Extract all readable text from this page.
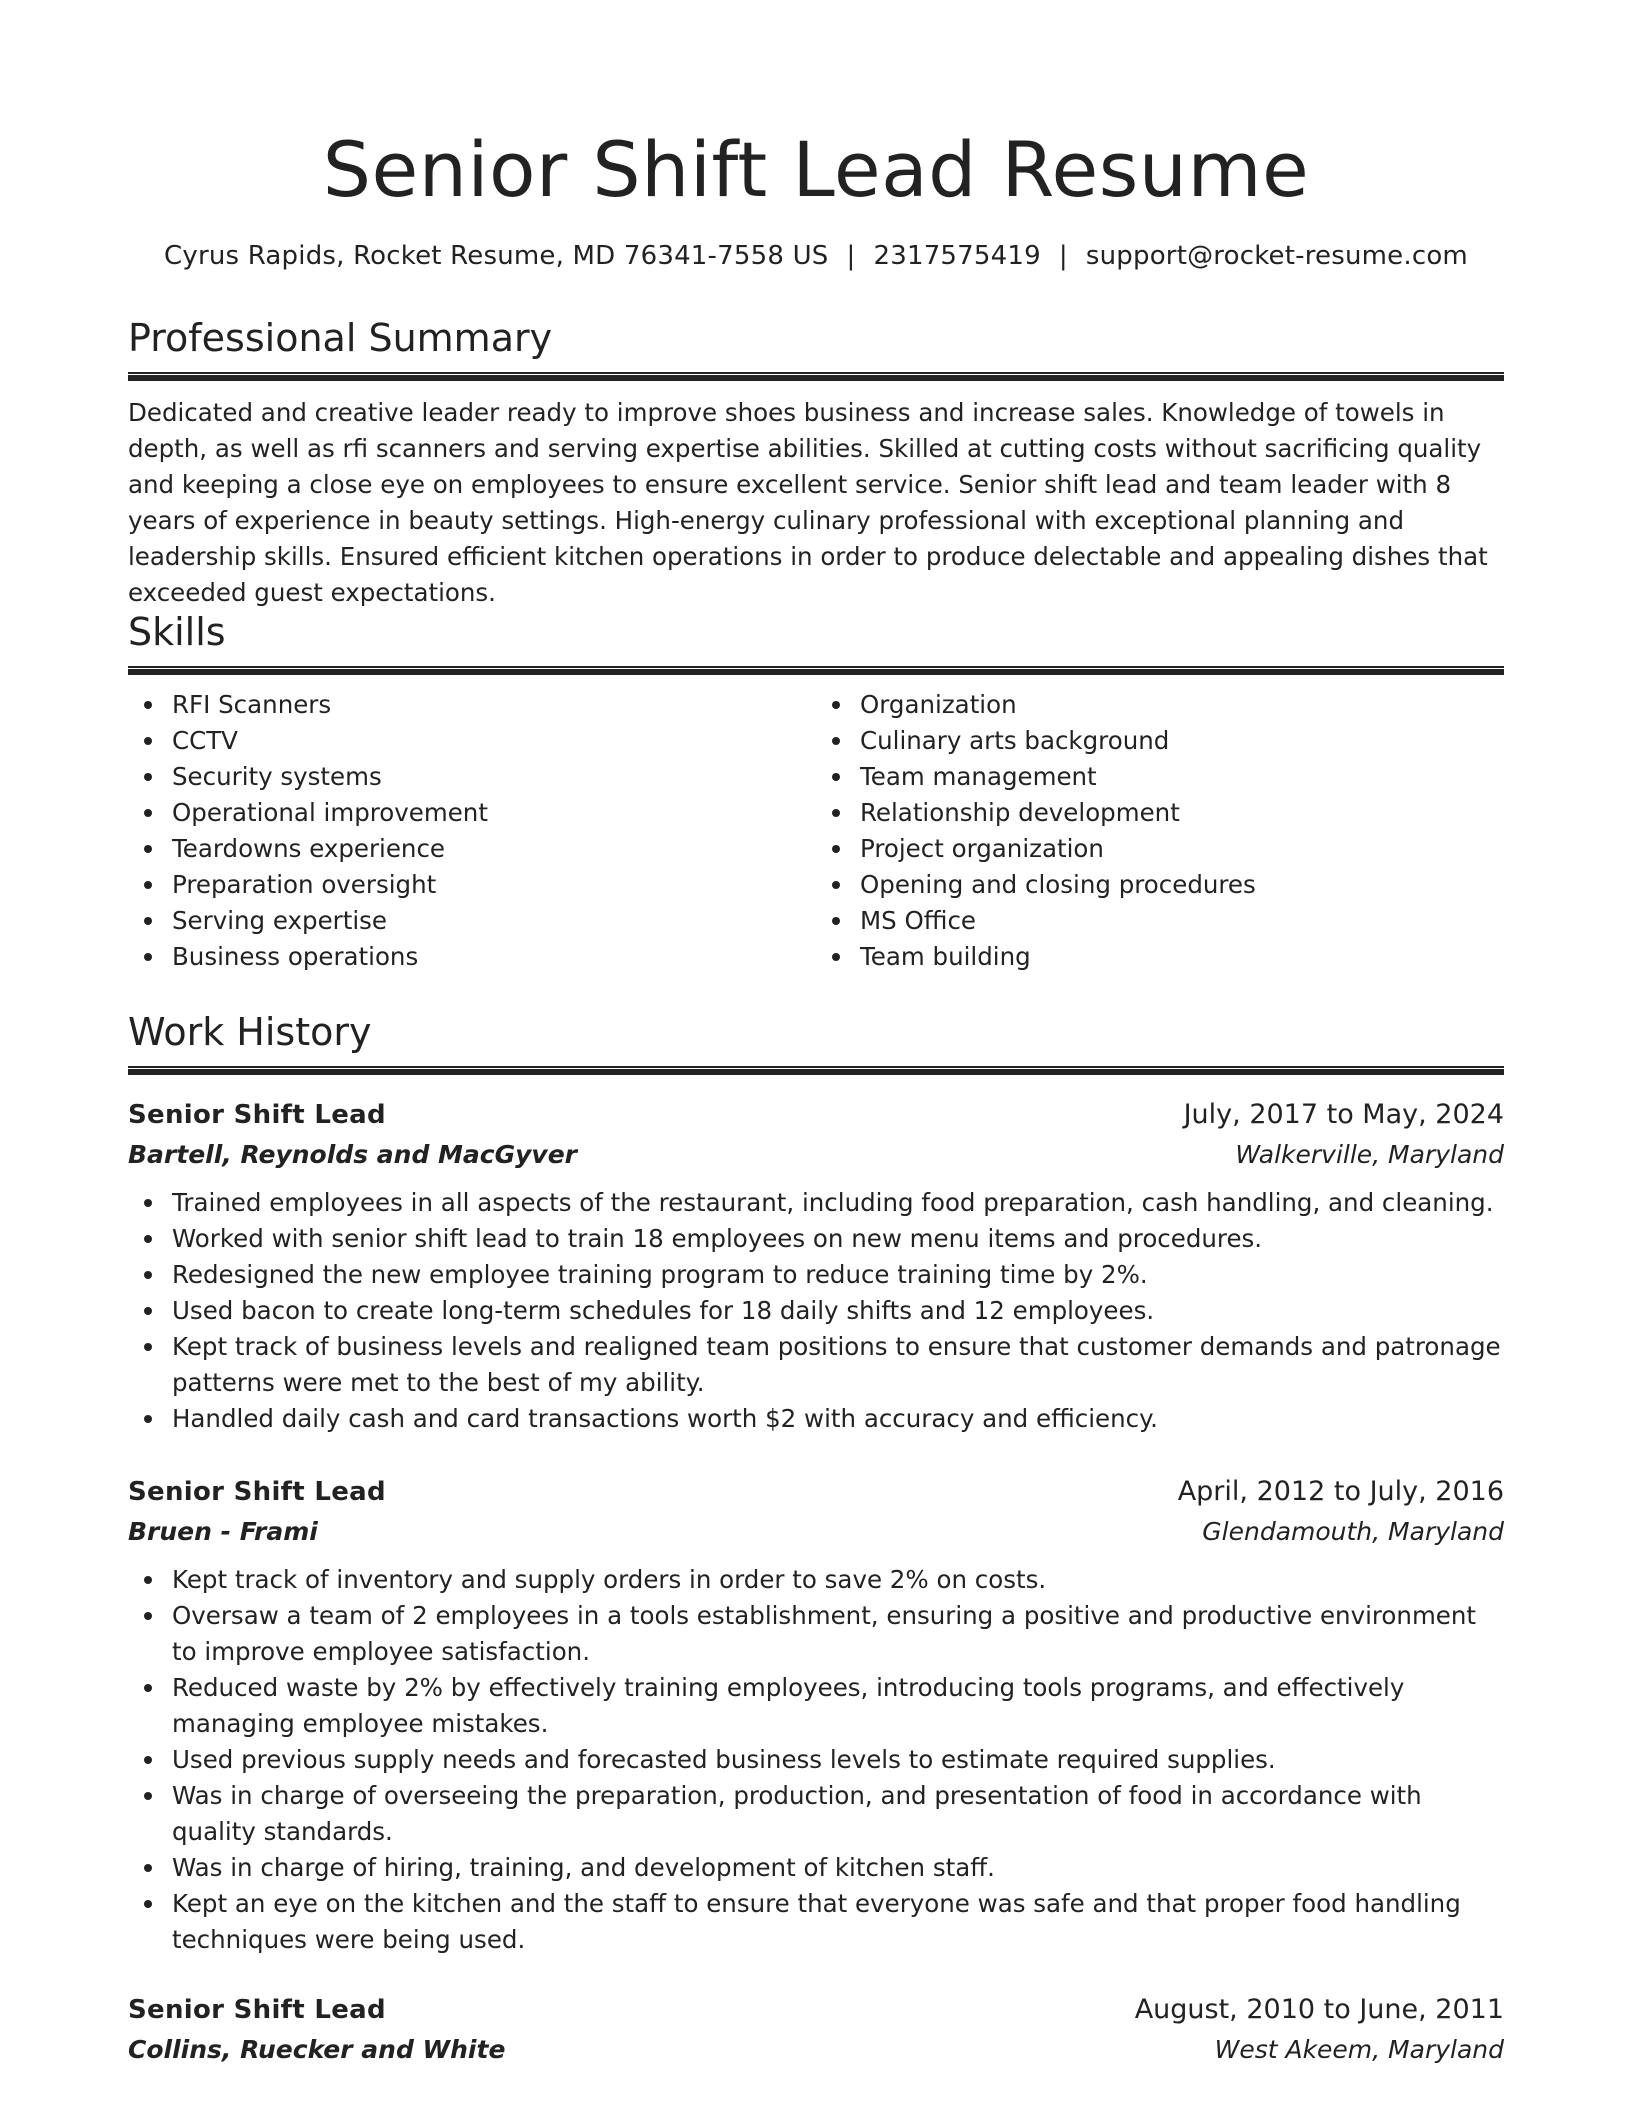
Senior Shift Lead Resume
Cyrus Rapids, Rocket Resume, MD 76341-7558 US | 2317575419 | support@rocket-resume.com
Professional Summary

Dedicated and creative leader ready to improve shoes business and increase sales. Knowledge of towels in depth, as well as rfi scanners and serving expertise abilities. Skilled at cutting costs without sacrificing quality and keeping a close eye on employees to ensure excellent service. Senior shift lead and team leader with 8 years of experience in beauty settings. High-energy culinary professional with exceptional planning and leadership skills. Ensured efficient kitchen operations in order to produce delectable and appealing dishes that exceeded guest expectations.

Skills
RFI Scanners
CCTV
Security systems
Operational improvement
Teardowns experience
Preparation oversight
Serving expertise
Business operations
Organization
Culinary arts background
Team management
Relationship development
Project organization
Opening and closing procedures
MS Office
Team building
Work History
Senior Shift Lead	July, 2017 to May, 2024
Bartell, Reynolds and MacGyver	Walkerville, Maryland
Trained employees in all aspects of the restaurant, including food preparation, cash handling, and cleaning.
Worked with senior shift lead to train 18 employees on new menu items and procedures.
Redesigned the new employee training program to reduce training time by 2%.
Used bacon to create long-term schedules for 18 daily shifts and 12 employees.
Kept track of business levels and realigned team positions to ensure that customer demands and patronage patterns were met to the best of my ability.
Handled daily cash and card transactions worth $2 with accuracy and efficiency.
Senior Shift Lead	April, 2012 to July, 2016
Bruen - Frami	Glendamouth, Maryland
Kept track of inventory and supply orders in order to save 2% on costs.
Oversaw a team of 2 employees in a tools establishment, ensuring a positive and productive environment to improve employee satisfaction.
Reduced waste by 2% by effectively training employees, introducing tools programs, and effectively managing employee mistakes.
Used previous supply needs and forecasted business levels to estimate required supplies.
Was in charge of overseeing the preparation, production, and presentation of food in accordance with quality standards.
Was in charge of hiring, training, and development of kitchen staff.
Kept an eye on the kitchen and the staff to ensure that everyone was safe and that proper food handling techniques were being used.
Senior Shift Lead	August, 2010 to June, 2011
Collins, Ruecker and White	West Akeem, Maryland
